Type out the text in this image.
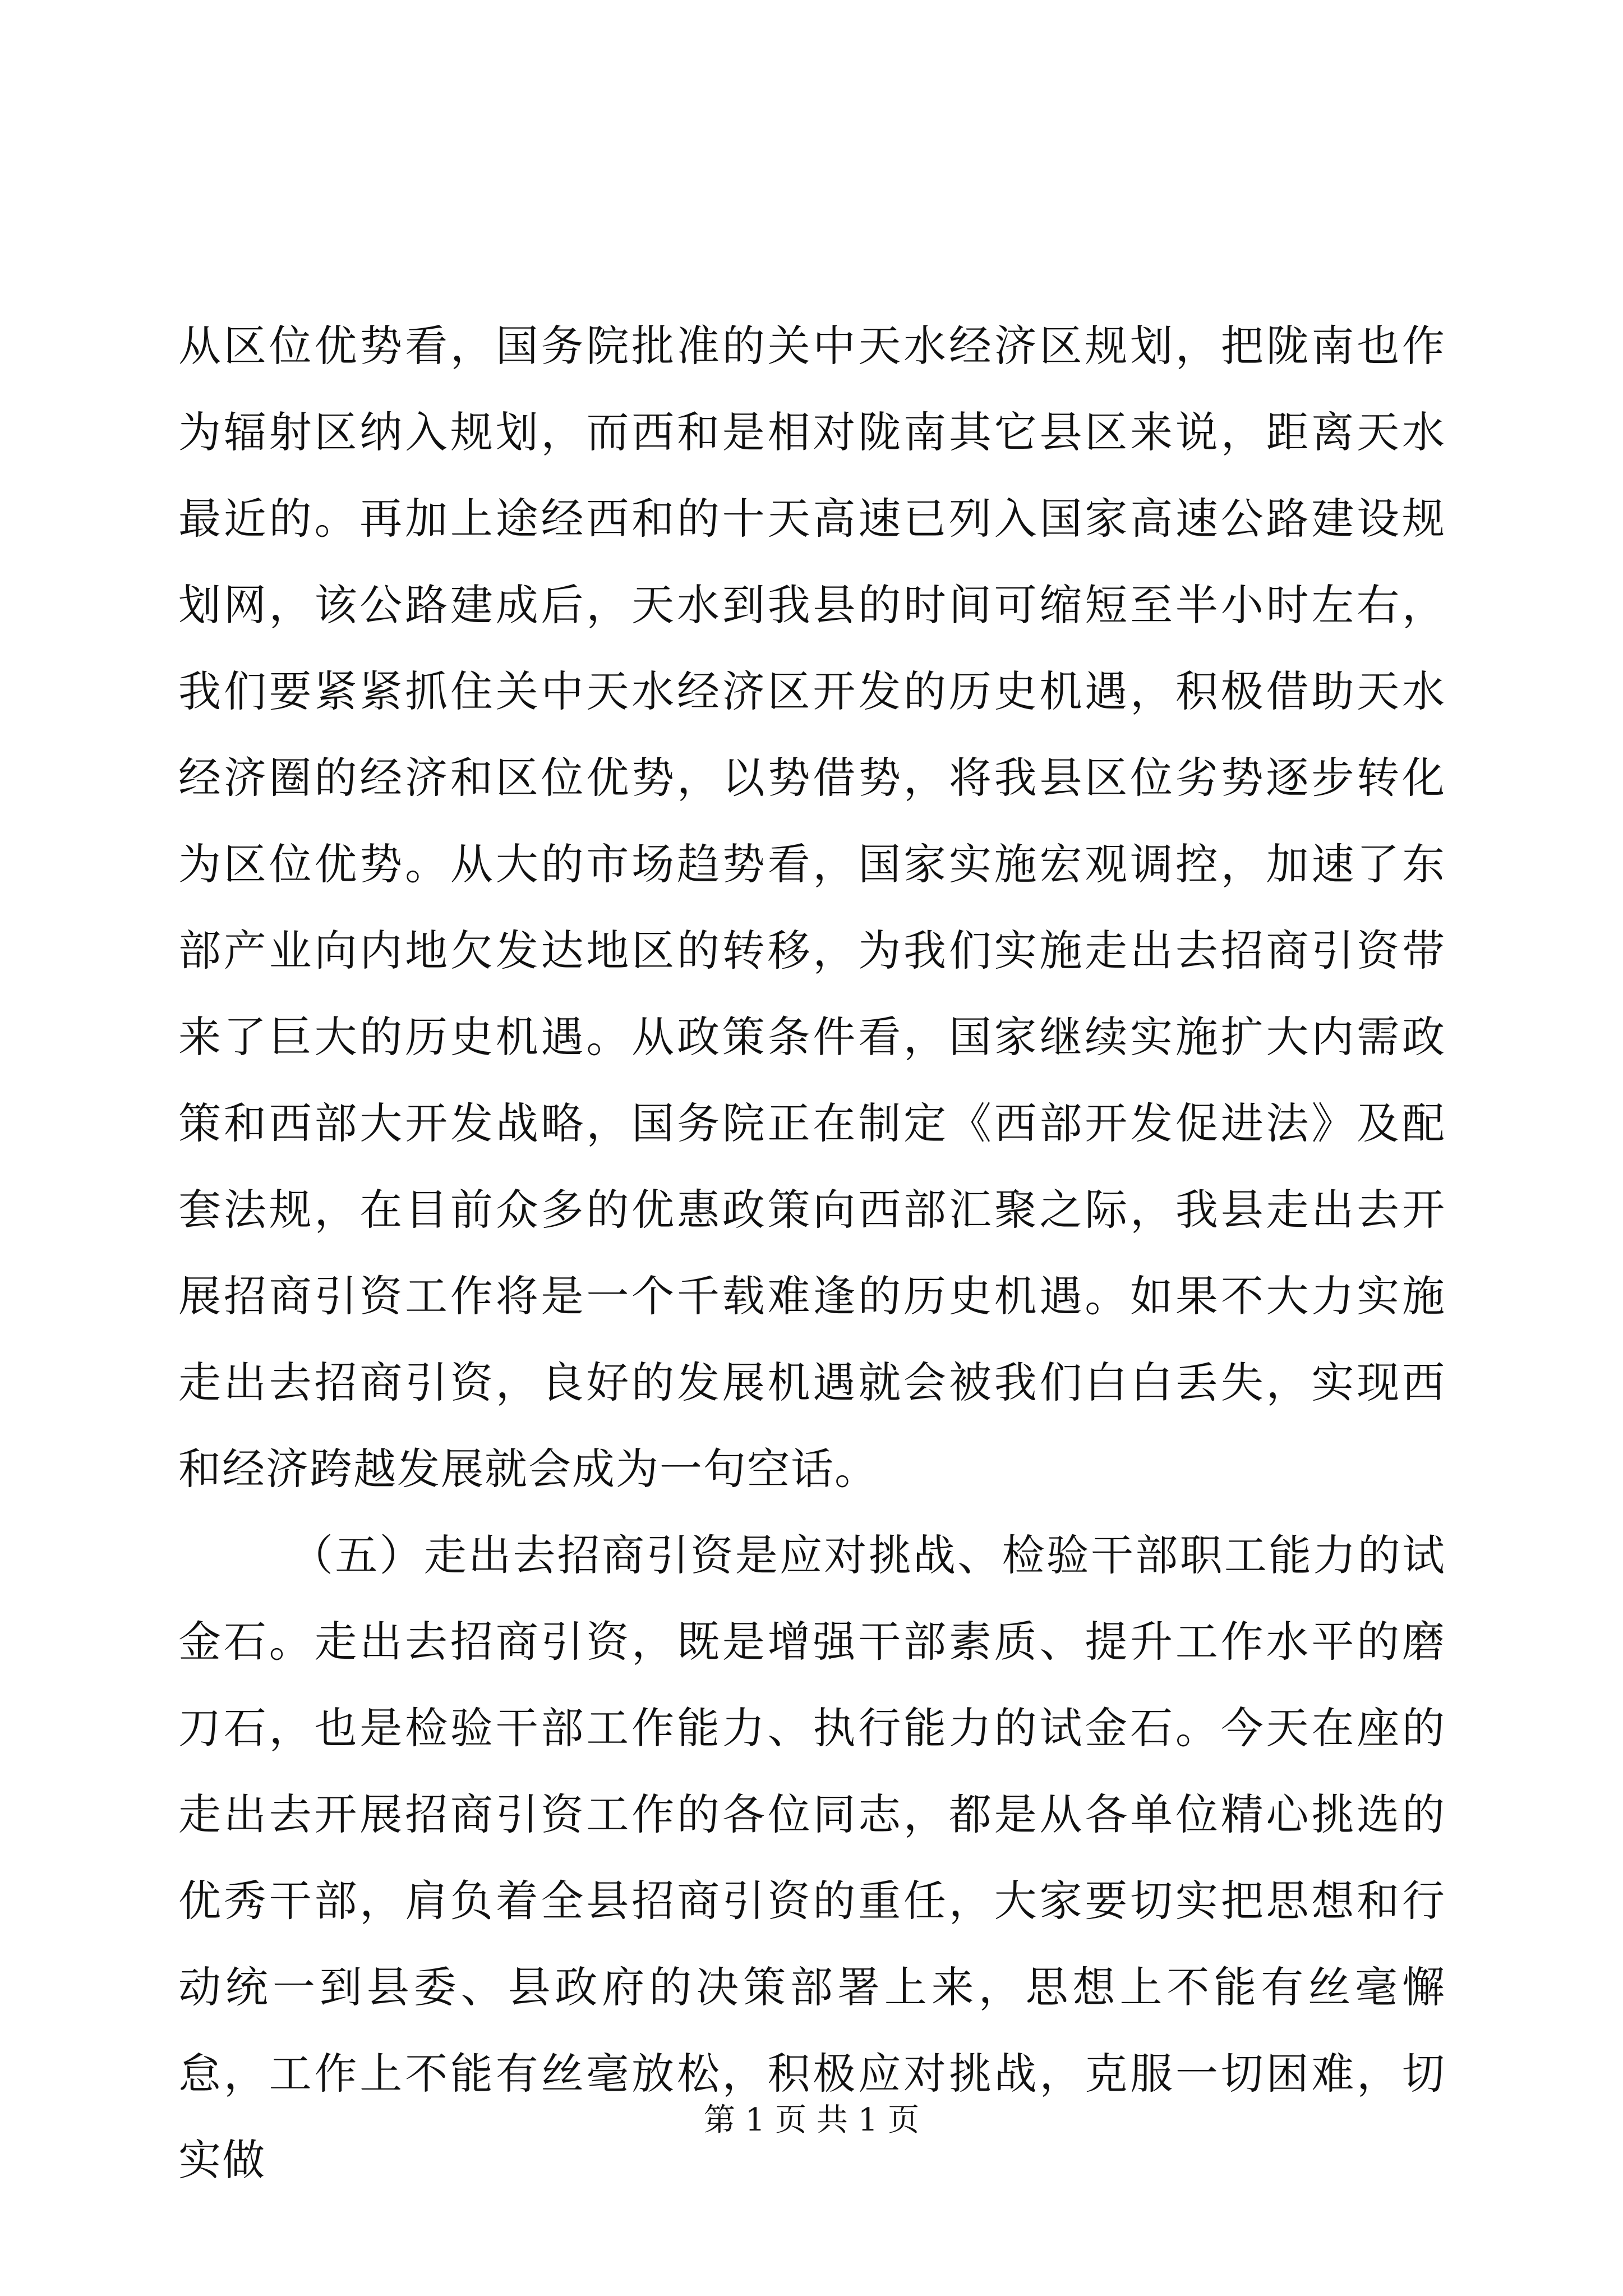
从区位优势看，国务院批准的关中天水经济区规划，把陇南也作为辐射区纳入规划，而西和是相对陇南其它县区来说，距离天水最近的。再加上途经西和的十天高速已列入国家高速公路建设规划网，该公路建成后，天水到我县的时间可缩短至半小时左右，我们要紧紧抓住关中天水经济区开发的历史机遇，积极借助天水经济圈的经济和区位优势，以势借势，将我县区位劣势逐步转化为区位优势。从大的市场趋势看，国家实施宏观调控，加速了东部产业向内地欠发达地区的转移，为我们实施走出去招商引资带来了巨大的历史机遇。从政策条件看，国家继续实施扩大内需政策和西部大开发战略，国务院正在制定《西部开发促进法》及配套法规，在目前众多的优惠政策向西部汇聚之际，我县走出去开展招商引资工作将是一个千载难逢的历史机遇。如果不大力实施走出去招商引资，良好的发展机遇就会被我们白白丢失，实现西和经济跨越发展就会成为一句空话。

（五）走出去招商引资是应对挑战、检验干部职工能力的试金石。走出去招商引资，既是增强干部素质、提升工作水平的磨刀石，也是检验干部工作能力、执行能力的试金石。今天在座的走出去开展招商引资工作的各位同志，都是从各单位精心挑选的优秀干部，肩负着全县招商引资的重任，大家要切实把思想和行动统一到县委、县政府的决策部署上来，思想上不能有丝毫懈怠，工作上不能有丝毫放松，积极应对挑战，克服一切困难，切实做

第 1 页 共 1 页
